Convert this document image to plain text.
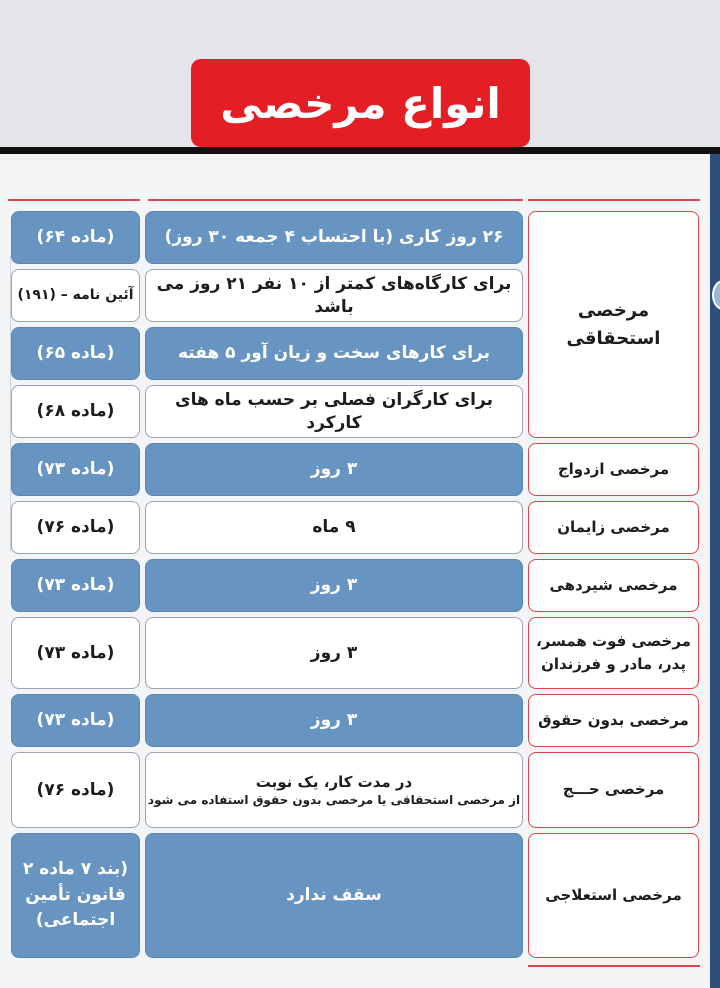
انواع مرخصی
مرخصی
استحقاقی
۲۶ روز کاری (با احتساب ۴ جمعه ۳۰ روز)
(ماده ۶۴)
برای کارگاه‌های کمتر از ۱۰ نفر ۲۱ روز می باشد
آئین نامه – (۱۹۱)
برای کارهای سخت و زیان آور ۵ هفته
(ماده ۶۵)
برای کارگران فصلی بر حسب ماه های کارکرد
(ماده ۶۸)
مرخصی ازدواج
۳ روز
(ماده ۷۳)
مرخصی زایمان
۹ ماه
(ماده ۷۶)
مرخصی شیردهی
۳ روز
(ماده ۷۳)
مرخصی فوت همسر،
پدر، مادر و فرزندان
۳ روز
(ماده ۷۳)
مرخصی بدون حقوق
۳ روز
(ماده ۷۳)
مرخصی حـــج
در مدت کار، یک نوبت
از مرخصی استحقاقی یا مرخصی بدون حقوق استفاده می شود
(ماده ۷۶)
مرخصی استعلاجی
سقف ندارد
(بند ۷ ماده ۲
قانون تأمین
اجتماعی)
